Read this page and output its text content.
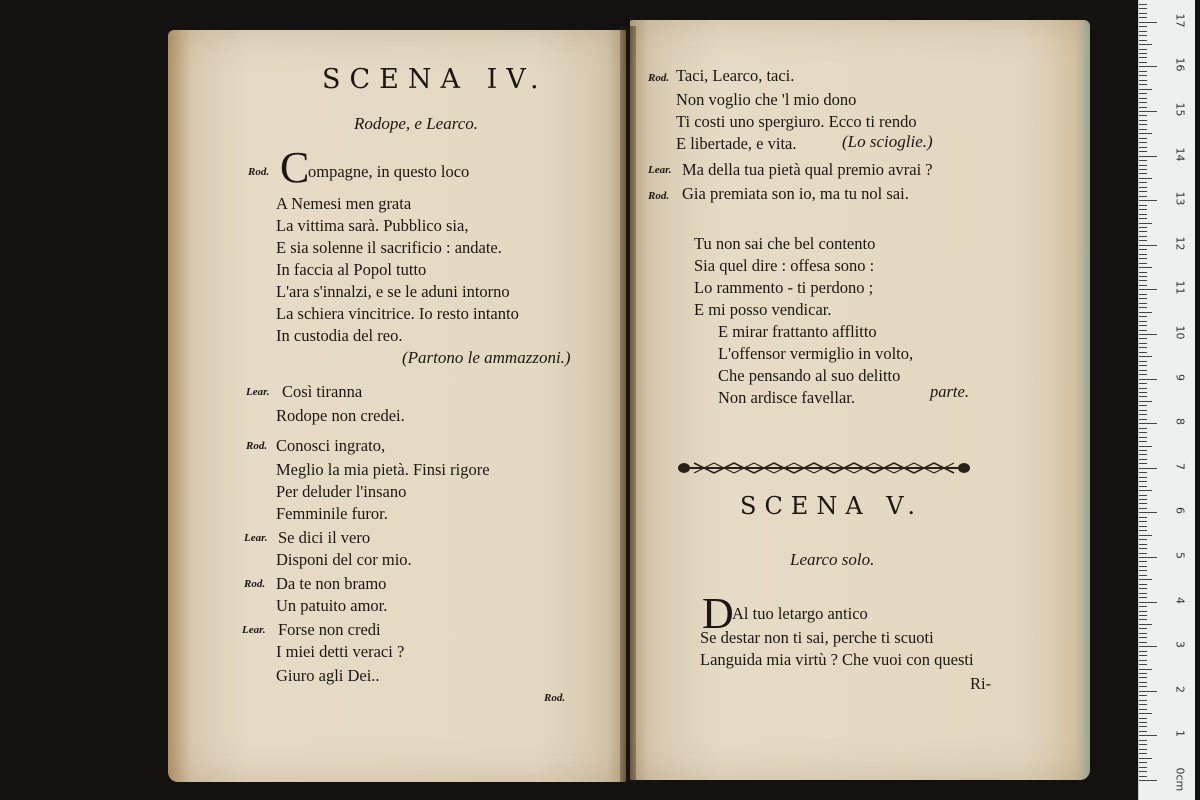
SCENA IV.
Rodope, e Learco.
Rod. C
ompagne, in questo loco
A Nemesi men grata
La vittima sarà. Pubblico sia,
E sia solenne il sacrificio : andate.
In faccia al Popol tutto
L'ara s'innalzi, e se le aduni intorno
La schiera vincitrice. Io resto intanto
In custodia del reo.
(Partono le ammazzoni.)
Lear. Così tiranna
Rodope non credei.
Rod. Conosci ingrato,
Meglio la mia pietà. Finsi rigore
Per deluder l'insano
Femminile furor.
Lear. Se dici il vero
Disponi del cor mio.
Rod. Da te non bramo
Un patuito amor.
Lear. Forse non credi
I miei detti veraci ?
Giuro agli Dei..
Rod.
Rod. Taci, Learco, taci.
Non voglio che 'l mio dono
Ti costi uno spergiuro. Ecco ti rendo
E libertade, e vita.	(Lo scioglie.)
Lear. Ma della tua pietà qual premio avrai ?
Rod. Gia premiata son io, ma tu nol sai.
Tu non sai che bel contento
Sia quel dire : offesa sono :
Lo rammento - ti perdono ;
E mi posso vendicar.
E mirar frattanto afflitto
L'offensor vermiglio in volto,
Che pensando al suo delitto
Non ardisce favellar.	parte.
SCENA V.
Learco solo.
D
Al tuo letargo antico
Se destar non ti sai, perche ti scuoti
Languida mia virtù ? Che vuoi con questi
Ri-
0cm
1
2
3
4
5
6
7
8
9
10
11
12
13
14
15
16
17
